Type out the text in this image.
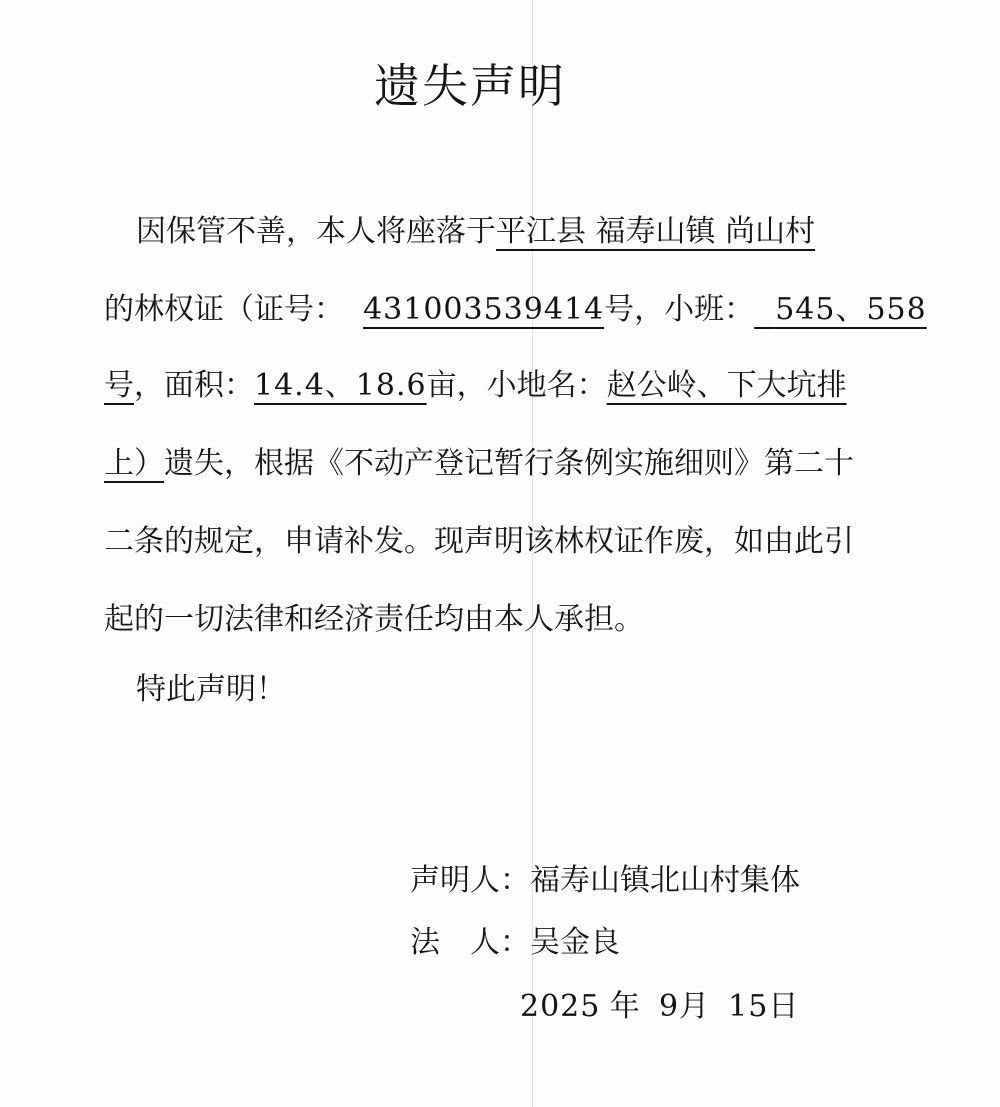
遗失声明
因保管不善，本人将座落于平江县 福寿山镇 尚山村
的林权证（证号： 431003539414号，小班： 545、558
号，面积：14.4、18.6亩，小地名：赵公岭、下大坑排
上）遗失，根据《不动产登记暂行条例实施细则》第二十
二条的规定，申请补发。现声明该林权证作废，如由此引
起的一切法律和经济责任均由本人承担。
特此声明！
声明人：福寿山镇北山村集体
法　人：吴金良
2025 年 9月 15日
